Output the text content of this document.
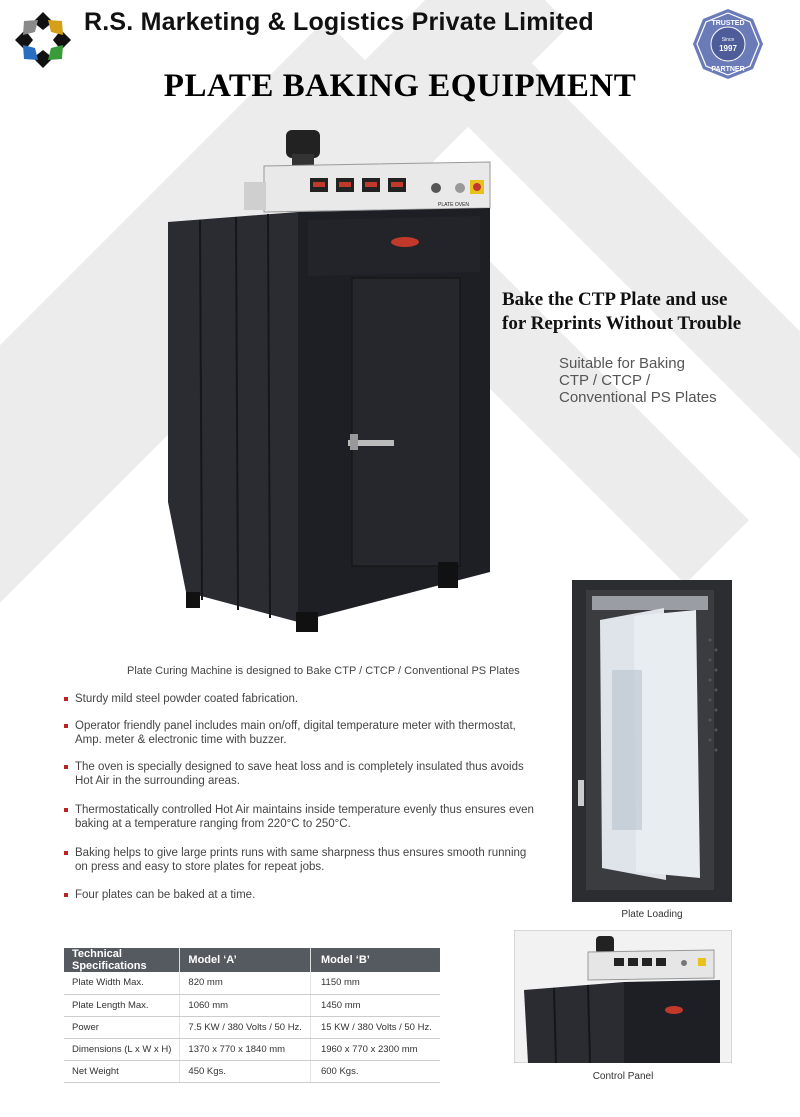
R.S. Marketing & Logistics Private Limited	TRUSTED
Since
1997
PARTNER
PLATE BAKING EQUIPMENT
PLATE OVEN
Bake the CTP Plate and use
for Reprints Without Trouble
Suitable for Baking
CTP / CTCP /
Conventional PS Plates
Plate Curing Machine is designed to Bake CTP / CTCP / Conventional PS Plates
Sturdy mild steel powder coated fabrication.
Operator friendly panel includes main on/off, digital temperature meter with thermostat,
Amp. meter & electronic time with buzzer.
The oven is specially designed to save heat loss and is completely insulated thus avoids
Hot Air in the surrounding areas.
Thermostatically controlled Hot Air maintains inside temperature evenly thus ensures even
baking at a temperature ranging from 220°C to 250°C.
Baking helps to give large prints runs with same sharpness thus ensures smooth running
on press and easy to store plates for repeat jobs.
Four plates can be baked at a time.
Plate Loading
Control Panel
Technical Specifications	Model ‘A’	Model ‘B’
Plate Width Max.	820 mm	1150 mm
Plate Length Max.	1060 mm	1450 mm
Power	7.5 KW / 380 Volts / 50 Hz.	15 KW / 380 Volts / 50 Hz.
Dimensions (L x W x H)	1370 x 770 x 1840 mm	1960 x 770 x 2300 mm
Net Weight	450 Kgs.	600 Kgs.
